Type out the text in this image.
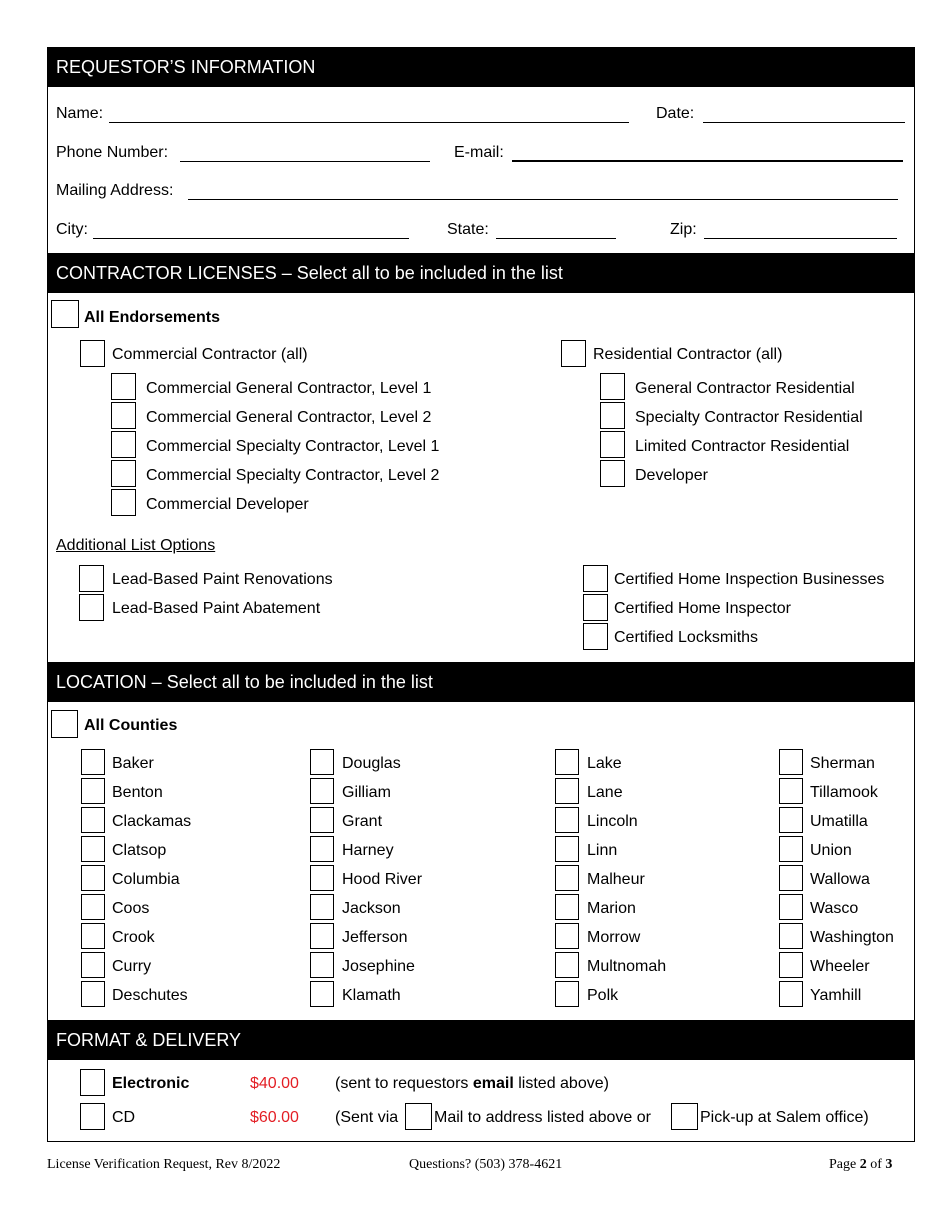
REQUESTOR’S INFORMATION
Name:	Date:
Phone Number:	E-mail:
Mailing Address:
City:	State:	Zip:
CONTRACTOR LICENSES – Select all to be included in the list
All Endorsements
Commercial Contractor (all)
Commercial General Contractor, Level 1
Commercial General Contractor, Level 2
Commercial Specialty Contractor, Level 1
Commercial Specialty Contractor, Level 2
Commercial Developer
Residential Contractor (all)
General Contractor Residential
Specialty Contractor Residential
Limited Contractor Residential
Developer
Additional List Options
Lead-Based Paint Renovations
Lead-Based Paint Abatement
Certified Home Inspection Businesses
Certified Home Inspector
Certified Locksmiths
LOCATION – Select all to be included in the list
All Counties
Baker
Benton
Clackamas
Clatsop
Columbia
Coos
Crook
Curry
Deschutes
Douglas
Gilliam
Grant
Harney
Hood River
Jackson
Jefferson
Josephine
Klamath
Lake
Lane
Lincoln
Linn
Malheur
Marion
Morrow
Multnomah
Polk
Sherman
Tillamook
Umatilla
Union
Wallowa
Wasco
Washington
Wheeler
Yamhill
FORMAT & DELIVERY
Electronic	$40.00 (sent to requestors email listed above)
CD	$60.00 (Sent via Mail to address listed above or	Pick-up at Salem office)
License Verification Request, Rev 8/2022	Questions? (503) 378-4621	Page 2 of 3
